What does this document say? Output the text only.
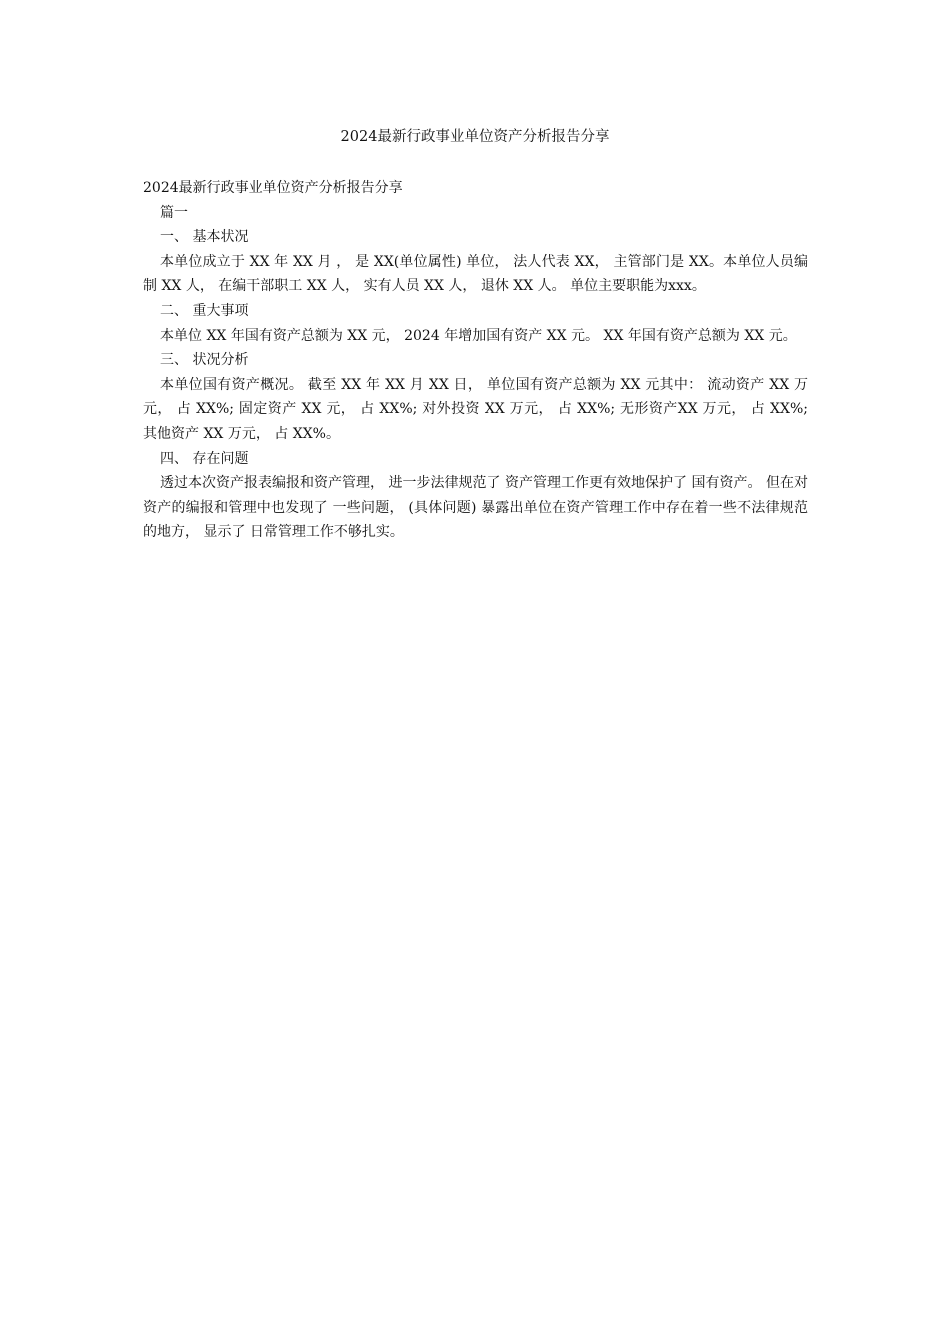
2024最新行政事业单位资产分析报告分享

2024最新行政事业单位资产分析报告分享

篇一

一、 基本状况

本单位成立于 XX 年 XX 月 ， 是 XX(单位属性) 单位， 法人代表 XX， 主管部门是 XX。本单位人员编制 XX 人， 在编干部职工 XX 人， 实有人员 XX 人， 退休 XX 人。 单位主要职能为xxx。

二、 重大事项

本单位 XX 年国有资产总额为 XX 元， 2024 年增加国有资产 XX 元。 XX 年国有资产总额为 XX 元。

三、 状况分析

本单位国有资产概况。 截至 XX 年 XX 月 XX 日， 单位国有资产总额为 XX 元其中： 流动资产 XX 万元， 占 XX%; 固定资产 XX 元， 占 XX%; 对外投资 XX 万元， 占 XX%; 无形资产XX 万元， 占 XX%; 其他资产 XX 万元， 占 XX%。

四、 存在问题

透过本次资产报表编报和资产管理， 进一步法律规范了 资产管理工作更有效地保护了 国有资产。 但在对资产的编报和管理中也发现了 一些问题， (具体问题) 暴露出单位在资产管理工作中存在着一些不法律规范的地方， 显示了 日常管理工作不够扎实。
